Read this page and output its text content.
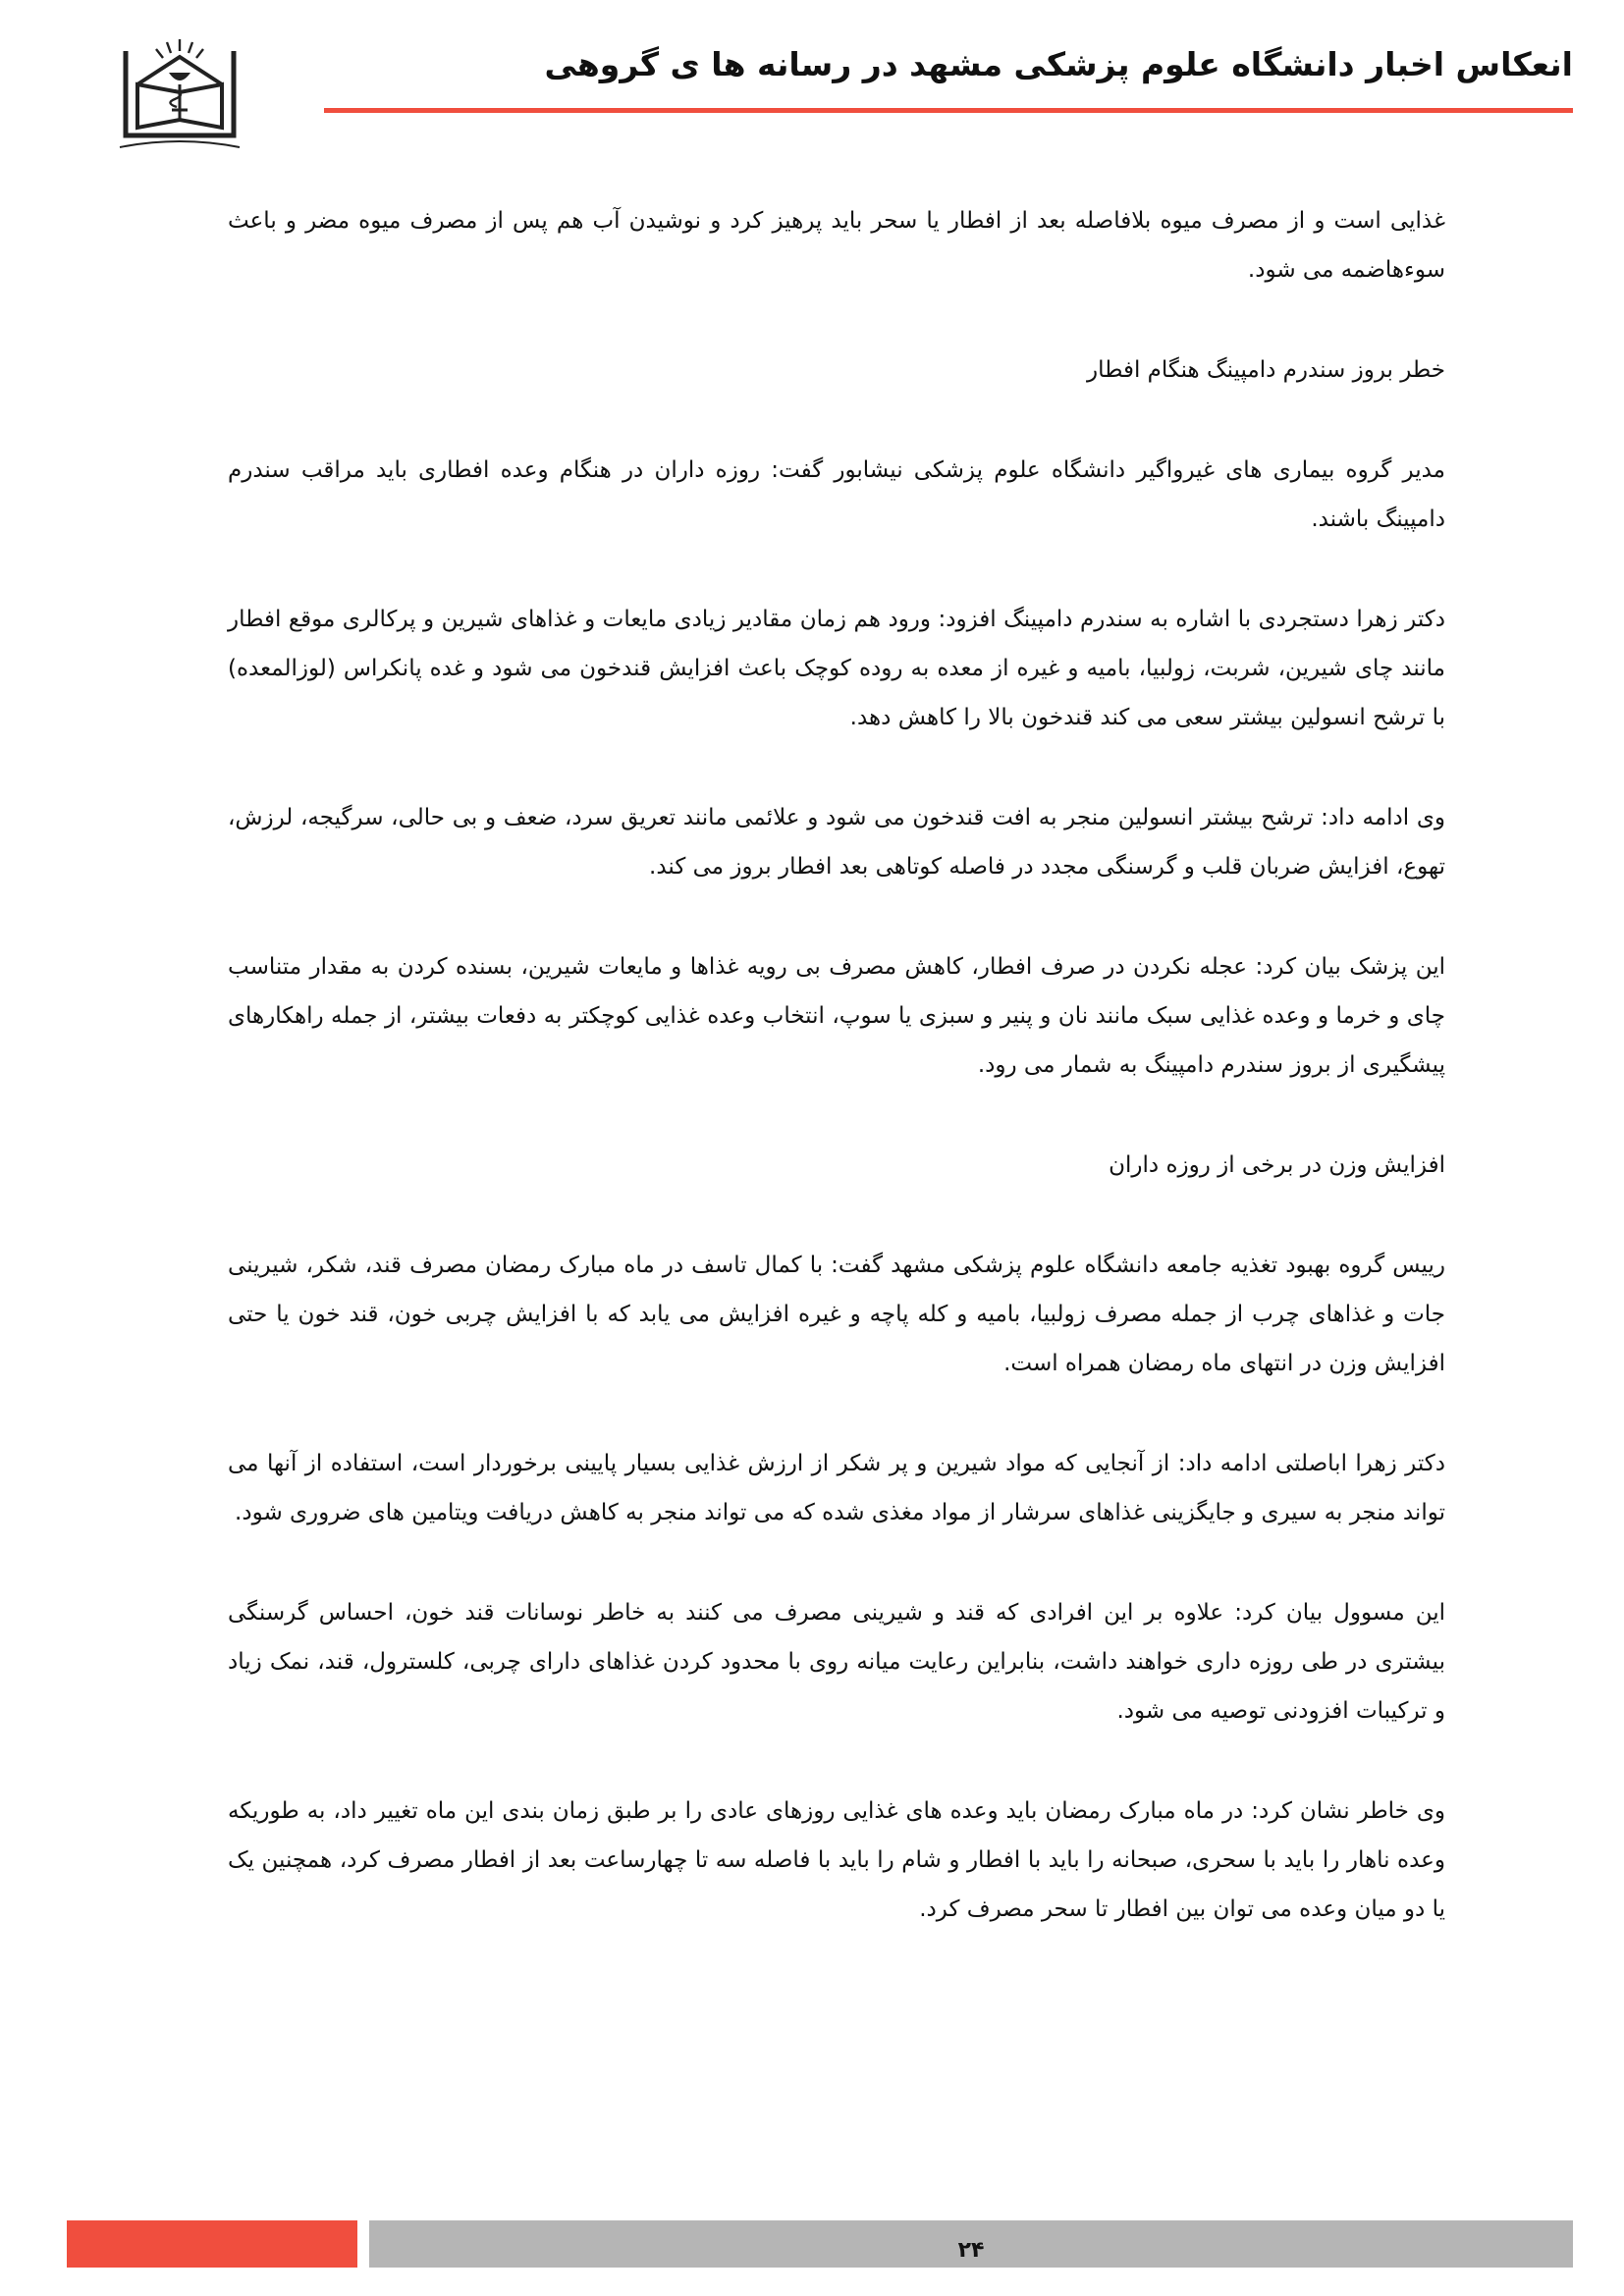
انعکاس اخبار دانشگاه علوم پزشکی مشهد در رسانه ها ی گروهی

غذایی است و از مصرف میوه بلافاصله بعد از افطار یا سحر باید پرهیز کرد و نوشیدن آب هم پس از مصرف میوه مضر و باعث سوءهاضمه می شود.

خطر بروز سندرم دامپینگ هنگام افطار

مدیر گروه بیماری های غیرواگیر دانشگاه علوم پزشکی نیشابور گفت: روزه داران در هنگام وعده افطاری باید مراقب سندرم دامپینگ باشند.

دکتر زهرا دستجردی با اشاره به سندرم دامپینگ افزود: ورود هم زمان مقادیر زیادی مایعات و غذاهای شیرین و پرکالری موقع افطار مانند چای شیرین، شربت، زولبیا، بامیه و غیره از معده به روده کوچک باعث افزایش قندخون می شود و غده پانکراس (لوزالمعده) با ترشح انسولین بیشتر سعی می کند قندخون بالا را کاهش دهد.

وی ادامه داد: ترشح بیشتر انسولین منجر به افت قندخون می شود و علائمی مانند تعریق سرد، ضعف و بی حالی، سرگیجه، لرزش، تهوع، افزایش ضربان قلب و گرسنگی مجدد در فاصله کوتاهی بعد افطار بروز می کند.

این پزشک بیان کرد: عجله نکردن در صرف افطار، کاهش مصرف بی رویه غذاها و مایعات شیرین، بسنده کردن به مقدار متناسب چای و خرما و وعده غذایی سبک مانند نان و پنیر و سبزی یا سوپ، انتخاب وعده غذایی کوچکتر به دفعات بیشتر، از جمله راهکارهای پیشگیری از بروز سندرم دامپینگ به شمار می رود.

افزایش وزن در برخی از روزه داران

رییس گروه بهبود تغذیه جامعه دانشگاه علوم پزشکی مشهد گفت: با کمال تاسف در ماه مبارک رمضان مصرف قند، شکر، شیرینی جات و غذاهای چرب از جمله مصرف زولبیا، بامیه و کله پاچه و غیره افزایش می یابد که با افزایش چربی خون، قند خون یا حتی افزایش وزن در انتهای ماه رمضان همراه است.

دکتر زهرا اباصلتی ادامه داد: از آنجایی که مواد شیرین و پر شکر از ارزش غذایی بسیار پایینی برخوردار است، استفاده از آنها می تواند منجر به سیری و جایگزینی غذاهای سرشار از مواد مغذی شده که می تواند منجر به کاهش دریافت ویتامین های ضروری شود.

این مسوول بیان کرد: علاوه بر این افرادی که قند و شیرینی مصرف می کنند به خاطر نوسانات قند خون، احساس گرسنگی بیشتری در طی روزه داری خواهند داشت، بنابراین رعایت میانه روی با محدود کردن غذاهای دارای چربی، کلسترول، قند، نمک زیاد و ترکیبات افزودنی توصیه می شود.

وی خاطر نشان کرد: در ماه مبارک رمضان باید وعده های غذایی روزهای عادی را بر طبق زمان بندی این ماه تغییر داد، به طوریکه وعده ناهار را باید با سحری، صبحانه را باید با افطار و شام را باید با فاصله سه تا چهارساعت بعد از افطار مصرف کرد، همچنین یک یا دو میان وعده می توان بین افطار تا سحر مصرف کرد.

۲۴
